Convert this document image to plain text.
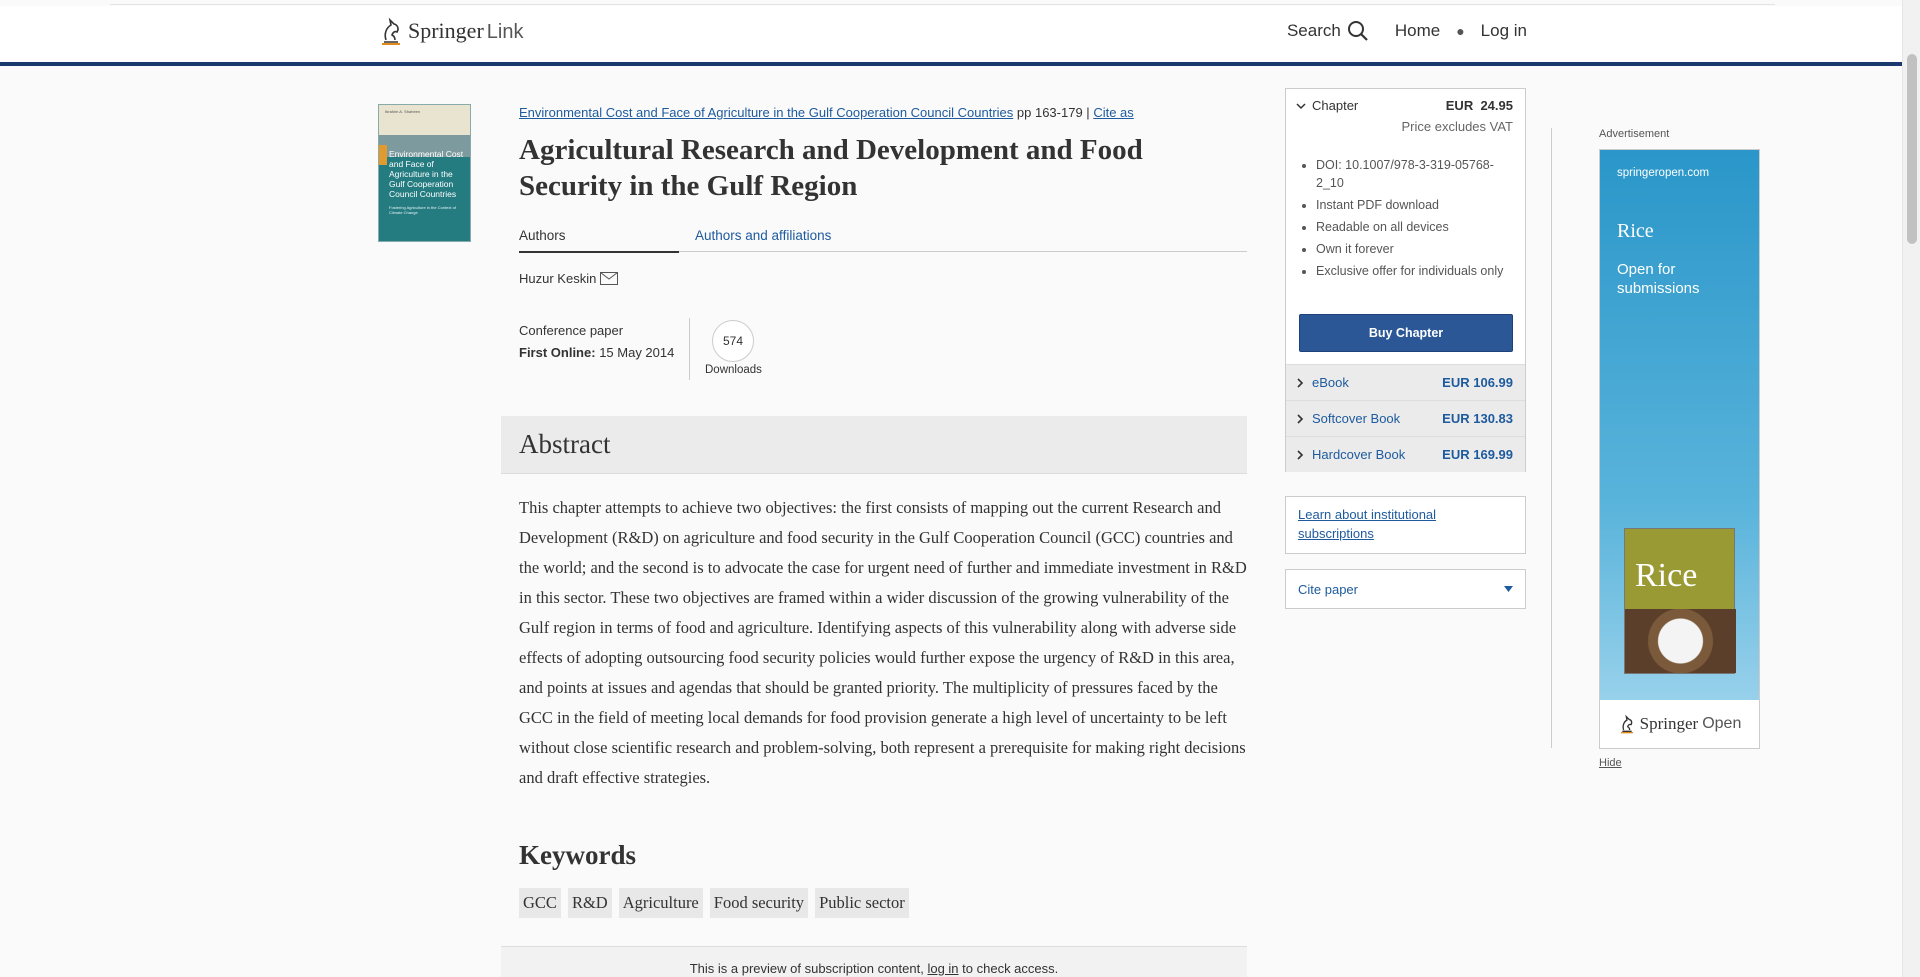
Springer Link	Search	Home ● Log in
Ibrahim A. Shaheen
Environmental Cost and Face of Agriculture in the Gulf Cooperation Council Countries
Fostering Agriculture in the Context of Climate Change
Environmental Cost and Face of Agriculture in the Gulf Cooperation Council Countries pp 163-179 | Cite as
Agricultural Research and Development and Food Security in the Gulf Region
Authors	Authors and affiliations
Huzur Keskin
Conference paper
First Online: 15 May 2014
574
Downloads
Abstract

This chapter attempts to achieve two objectives: the first consists of mapping out the current Research and Development (R&D) on agriculture and food security in the Gulf Cooperation Council (GCC) countries and the world; and the second is to advocate the case for urgent need of further and immediate investment in R&D in this sector. These two objectives are framed within a wider discussion of the growing vulnerability of the Gulf region in terms of food and agriculture. Identifying aspects of this vulnerability along with adverse side effects of adopting outsourcing food security policies would further expose the urgency of R&D in this area, and points at issues and agendas that should be granted priority. The multiplicity of pressures faced by the GCC in the field of meeting local demands for food provision generate a high level of uncertainty to be left without close scientific research and problem-solving, both represent a prerequisite for making right decisions and draft effective strategies.

Keywords
GCC R&D Agriculture Food security Public sector
This is a preview of subscription content, log in to check access.
Chapter	EUR 24.95
Price excludes VAT
• DOI: 10.1007/978-3-319-05768-2_10
• Instant PDF download
• Readable on all devices
• Own it forever
• Exclusive offer for individuals only
Buy Chapter
eBook	EUR 106.99
Softcover Book	EUR 130.83
Hardcover Book	EUR 169.99
Learn about institutional subscriptions
Cite paper
Advertisement
springeropen.com
Rice
Open for submissions
Rice
Springer Open
Hide
